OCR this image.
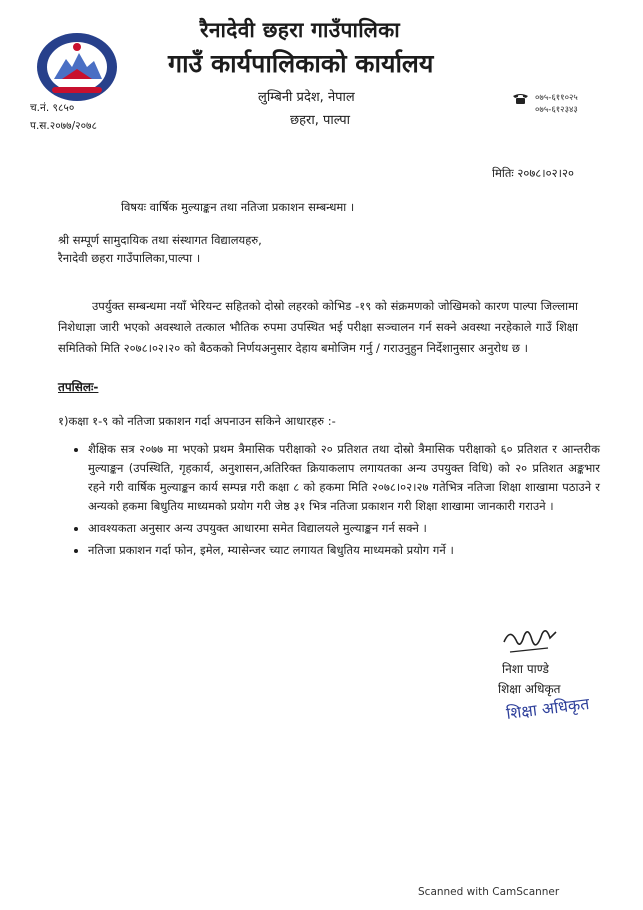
रैनादेवी छहरा गाउँपालिका
गाउँ कार्यपालिकाको कार्यालय
लुम्बिनी प्रदेश, नेपाल
छहरा, पाल्पा
च.नं. ९८५०
प.स.२०७७/२०७८
०७५-६११०२५
०७५-६१२३४३
मितिः २०७८।०२।२०
विषयः वार्षिक मुल्याङ्कन तथा नतिजा प्रकाशन सम्बन्धमा ।
श्री सम्पूर्ण सामुदायिक तथा संस्थागत विद्यालयहरु,
रैनादेवी छहरा गाउँपालिका,पाल्पा ।
उपर्युक्त सम्बन्धमा नयाँ भेरियन्ट सहितको दोस्रो लहरको कोभिड -१९ को संक्रमणको जोखिमको कारण पाल्पा जिल्लामा निशेधाज्ञा जारी भएको अवस्थाले तत्काल भौतिक रुपमा उपस्थित भई परीक्षा सञ्चालन गर्न सक्ने अवस्था नरहेकाले गाउँ शिक्षा समितिको मिति २०७८।०२।२० को बैठकको निर्णयअनुसार देहाय बमोजिम गर्नु / गराउनुहुन निर्देशानुसार अनुरोध छ ।
तपसिलः-
१)कक्षा १-९ को नतिजा प्रकाशन गर्दा अपनाउन सकिने आधारहरु :-
• शैक्षिक सत्र २०७७ मा भएको प्रथम त्रैमासिक परीक्षाको २० प्रतिशत तथा दोस्रो त्रैमासिक परीक्षाको ६० प्रतिशत र आन्तरीक मुल्याङ्कन (उपस्थिति, गृहकार्य, अनुशासन,अतिरिक्त क्रियाकलाप लगायतका अन्य उपयुक्त विधि) को २० प्रतिशत अङ्कभार रहने गरी वार्षिक मुल्याङ्कन कार्य सम्पन्न गरी कक्षा ८ को हकमा मिति २०७८।०२।२७ गतेभित्र नतिजा शिक्षा शाखामा पठाउने र अन्यको हकमा बिधुतिय माध्यमको प्रयोग गरी जेष्ठ ३१ भित्र नतिजा प्रकाशन गरी शिक्षा शाखामा जानकारी गराउने ।
• आवश्यकता अनुसार अन्य उपयुक्त आधारमा समेत विद्यालयले मुल्याङ्कन गर्न सक्ने ।
• नतिजा प्रकाशन गर्दा फोन, इमेल, म्यासेन्जर च्याट लगायत बिधुतिय माध्यमको प्रयोग गर्ने ।
निशा पाण्डे
शिक्षा अधिकृत
शिक्षा अधिकृत
Scanned with CamScanner
